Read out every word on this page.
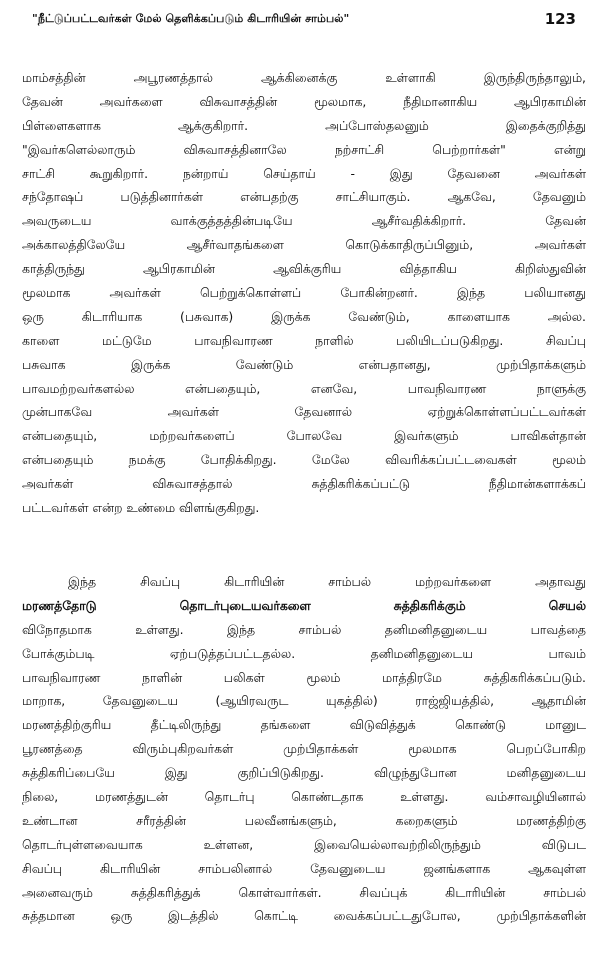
"நீட்டுப்பட்டவர்கள் மேல் தெளிக்கப்படும் கிடாரியின் சாம்பல்"	123
மாம்சத்தின் அபூரணத்தால் ஆக்கினைக்கு உள்ளாகி இருந்திருந்தாலும்,
தேவன் அவர்களை விசுவாசத்தின் மூலமாக, நீதிமானாகிய ஆபிரகாமின்
பிள்ளைகளாக ஆக்குகிறார். அப்போஸ்தலனும் இதைக்குறித்து
"இவர்களெல்லாரும் விசுவாசத்தினாலே நற்சாட்சி பெற்றார்கள்" என்று
சாட்சி கூறுகிறார். நன்றாய் செய்தாய் - இது தேவனை அவர்கள்
சந்தோஷப் படுத்தினார்கள் என்பதற்கு சாட்சியாகும். ஆகவே, தேவனும்
அவருடைய வாக்குத்தத்தின்படியே ஆசீர்வதிக்கிறார். தேவன்
அக்காலத்திலேயே ஆசீர்வாதங்களை கொடுக்காதிருப்பினும், அவர்கள்
காத்திருந்து ஆபிரகாமின் ஆவிக்குரிய வித்தாகிய கிறிஸ்துவின்
மூலமாக அவர்கள் பெற்றுக்கொள்ளப் போகின்றனர். இந்த பலியானது
ஒரு கிடாரியாக (பசுவாக) இருக்க வேண்டும், காளையாக அல்ல.
காளை மட்டுமே பாவநிவாரண நாளில் பலியிடப்படுகிறது. சிவப்பு
பசுவாக இருக்க வேண்டும் என்பதானது, முற்பிதாக்களும்
பாவமற்றவர்களல்ல என்பதையும், எனவே, பாவநிவாரண நாளுக்கு
முன்பாகவே அவர்கள் தேவனால் ஏற்றுக்கொள்ளப்பட்டவர்கள்
என்பதையும், மற்றவர்களைப் போலவே இவர்களும் பாவிகள்தான்
என்பதையும் நமக்கு போதிக்கிறது. மேலே விவரிக்கப்பட்டவைகள் மூலம்
அவர்கள் விசுவாசத்தால் சுத்திகரிக்கப்பட்டு நீதிமான்களாக்கப்
பட்டவர்கள் என்ற உண்மை விளங்குகிறது.
இந்த சிவப்பு கிடாரியின் சாம்பல் மற்றவர்களை அதாவது
மரணத்தோடு தொடர்புடையவர்களை சுத்திகரிக்கும் செயல்
விநோதமாக உள்ளது. இந்த சாம்பல் தனிமனிதனுடைய பாவத்தை
போக்கும்படி ஏற்படுத்தப்பட்டதல்ல. தனிமனிதனுடைய பாவம்
பாவநிவாரண நாளின் பலிகள் மூலம் மாத்திரமே சுத்திகரிக்கப்படும்.
மாறாக, தேவனுடைய (ஆயிரவருட யுகத்தில்) ராஜ்ஜியத்தில், ஆதாமின்
மரணத்திற்குரிய தீட்டிலிருந்து தங்களை விடுவித்துக் கொண்டு மானுட
பூரணத்தை விரும்புகிறவர்கள் முற்பிதாக்கள் மூலமாக பெறப்போகிற
சுத்திகரிப்பையே இது குறிப்பிடுகிறது. விழுந்துபோன மனிதனுடைய
நிலை, மரணத்துடன் தொடர்பு கொண்டதாக உள்ளது. வம்சாவழியினால்
உண்டான சரீரத்தின் பலவீனங்களும், கறைகளும் மரணத்திற்கு
தொடர்புள்ளவையாக உள்ளன, இவையெல்லாவற்றிலிருந்தும் விடுபட
சிவப்பு கிடாரியின் சாம்பலினால் தேவனுடைய ஜனங்களாக ஆகவுள்ள
அனைவரும் சுத்திகரித்துக் கொள்வார்கள். சிவப்புக் கிடாரியின் சாம்பல்
சுத்தமான ஒரு இடத்தில் கொட்டி வைக்கப்பட்டதுபோல, முற்பிதாக்களின்
